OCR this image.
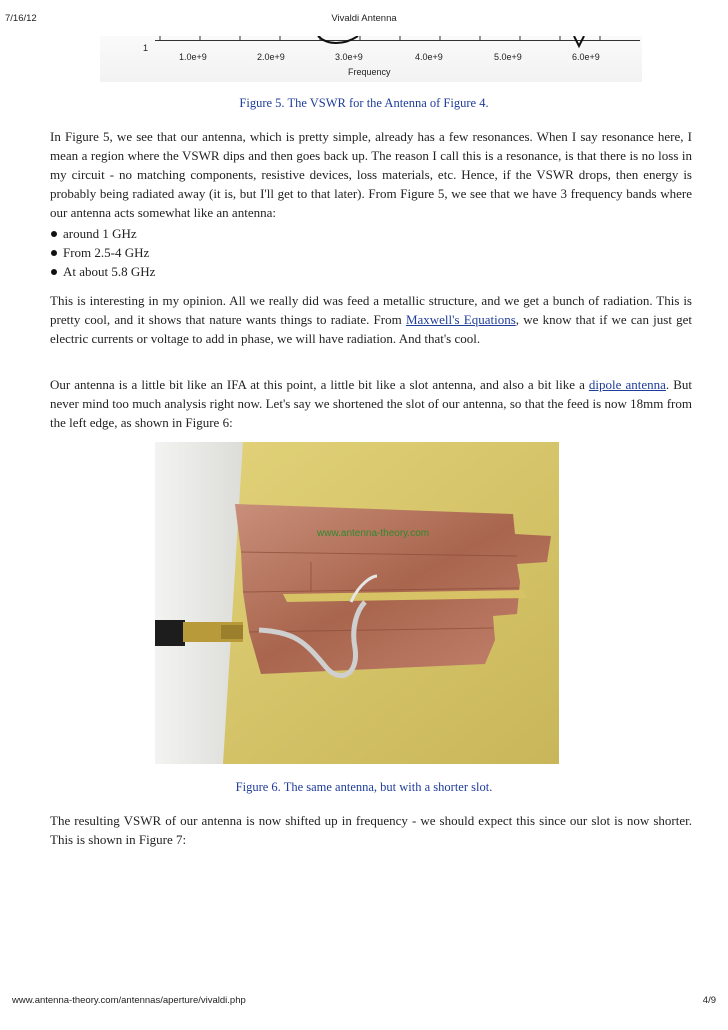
7/16/12	Vivaldi Antenna
1
1.0e+9	2.0e+9	3.0e+9	4.0e+9	5.0e+9	6.0e+9
Frequency
Figure 5. The VSWR for the Antenna of Figure 4.

In Figure 5, we see that our antenna, which is pretty simple, already has a few resonances. When I say resonance here, I mean a region where the VSWR dips and then goes back up. The reason I call this is a resonance, is that there is no loss in my circuit - no matching components, resistive devices, loss materials, etc. Hence, if the VSWR drops, then energy is probably being radiated away (it is, but I'll get to that later). From Figure 5, we see that we have 3 frequency bands where our antenna acts somewhat like an antenna:

around 1 GHz
From 2.5-4 GHz
At about 5.8 GHz

This is interesting in my opinion. All we really did was feed a metallic structure, and we get a bunch of radiation. This is pretty cool, and it shows that nature wants things to radiate. From Maxwell's Equations, we know that if we can just get electric currents or voltage to add in phase, we will have radiation. And that's cool.

Our antenna is a little bit like an IFA at this point, a little bit like a slot antenna, and also a bit like a dipole antenna. But never mind too much analysis right now. Let's say we shortened the slot of our antenna, so that the feed is now 18mm from the left edge, as shown in Figure 6:

www.antenna-theory.com
Figure 6. The same antenna, but with a shorter slot.

The resulting VSWR of our antenna is now shifted up in frequency - we should expect this since our slot is now shorter. This is shown in Figure 7:

www.antenna-theory.com/antennas/aperture/vivaldi.php	4/9
